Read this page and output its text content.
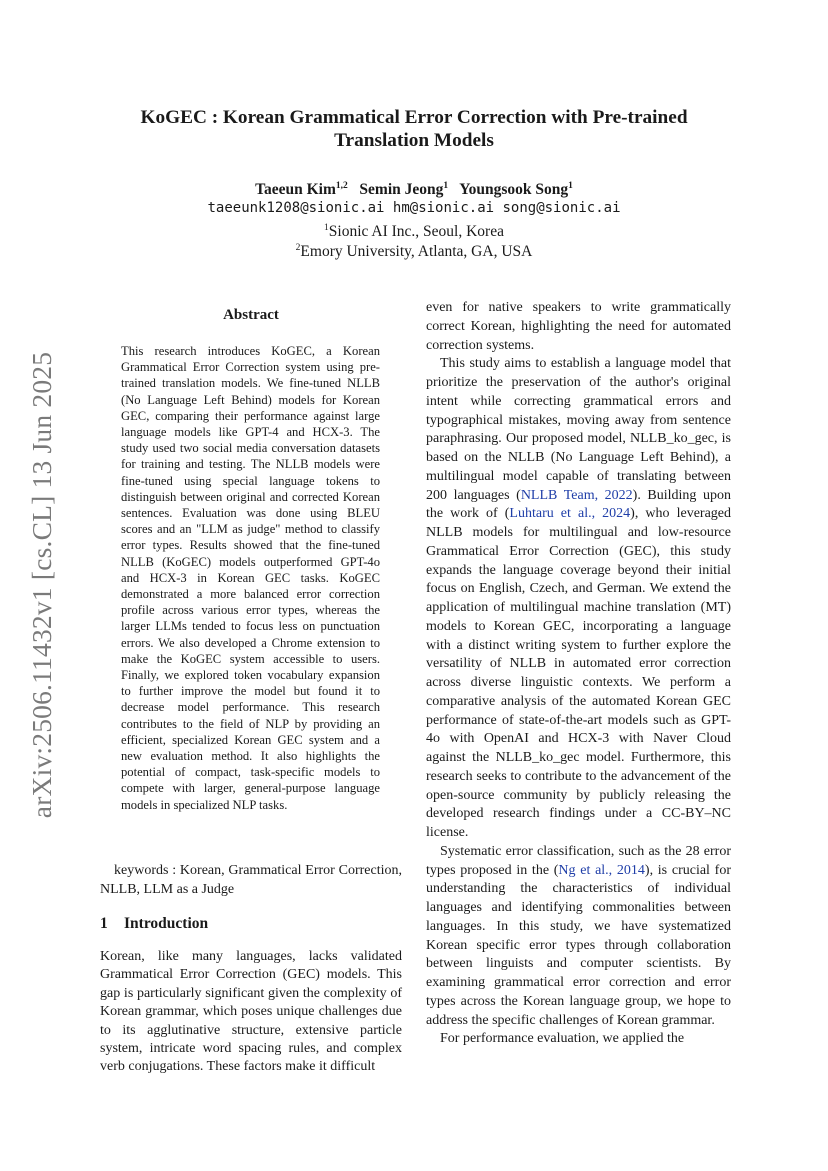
arXiv:2506.11432v1 [cs.CL] 13 Jun 2025
KoGEC : Korean Grammatical Error Correction with Pre-trained
Translation Models
Taeeun Kim$^{1,2}$ Semin Jeong$^1$ Youngsook Song$^1$
taeeunk1208@sionic.ai hm@sionic.ai song@sionic.ai
$^1$Sionic AI Inc., Seoul, Korea
$^2$Emory University, Atlanta, GA, USA
Abstract
This research introduces KoGEC, a Korean Grammatical Error Correction system using pre-trained translation models. We fine-tuned NLLB (No Language Left Behind) models for Korean GEC, comparing their performance against large language models like GPT-4 and HCX-3. The study used two social media conversation datasets for training and testing. The NLLB models were fine-tuned using special language tokens to distinguish between original and corrected Korean sentences. Evaluation was done using BLEU scores and an "LLM as judge" method to classify error types. Results showed that the fine-tuned NLLB (KoGEC) models outperformed GPT-4o and HCX-3 in Korean GEC tasks. KoGEC demonstrated a more balanced error correction profile across various error types, whereas the larger LLMs tended to focus less on punctuation errors. We also developed a Chrome extension to make the KoGEC system accessible to users. Finally, we explored token vocabulary expansion to further improve the model but found it to decrease model performance. This research contributes to the field of NLP by providing an efficient, specialized Korean GEC system and a new evaluation method. It also highlights the potential of compact, task-specific models to compete with larger, general-purpose language models in specialized NLP tasks.
keywords : Korean, Grammatical Error Correction, NLLB, LLM as a Judge
1 Introduction
Korean, like many languages, lacks validated Grammatical Error Correction (GEC) models. This gap is particularly significant given the complexity of Korean grammar, which poses unique challenges due to its agglutinative structure, extensive particle system, intricate word spacing rules, and complex verb conjugations. These factors make it difficult

even for native speakers to write grammatically correct Korean, highlighting the need for automated correction systems.

This study aims to establish a language model that prioritize the preservation of the author's original intent while correcting grammatical errors and typographical mistakes, moving away from sentence paraphrasing. Our proposed model, NLLB_ko_gec, is based on the NLLB (No Language Left Behind), a multilingual model capable of translating between 200 languages (NLLB Team, 2022). Building upon the work of (Luhtaru et al., 2024), who leveraged NLLB models for multilingual and low-resource Grammatical Error Correction (GEC), this study expands the language coverage beyond their initial focus on English, Czech, and German. We extend the application of multilingual machine translation (MT) models to Korean GEC, incorporating a language with a distinct writing system to further explore the versatility of NLLB in automated error correction across diverse linguistic contexts. We perform a comparative analysis of the automated Korean GEC performance of state-of-the-art models such as GPT-4o with OpenAI and HCX-3 with Naver Cloud against the NLLB_ko_gec model. Furthermore, this research seeks to contribute to the advancement of the open-source community by publicly releasing the developed research findings under a CC-BY–NC license.

Systematic error classification, such as the 28 error types proposed in the (Ng et al., 2014), is crucial for understanding the characteristics of individual languages and identifying commonalities between languages. In this study, we have systematized Korean specific error types through collaboration between linguists and computer scientists. By examining grammatical error correction and error types across the Korean language group, we hope to address the specific challenges of Korean grammar.

For performance evaluation, we applied the
